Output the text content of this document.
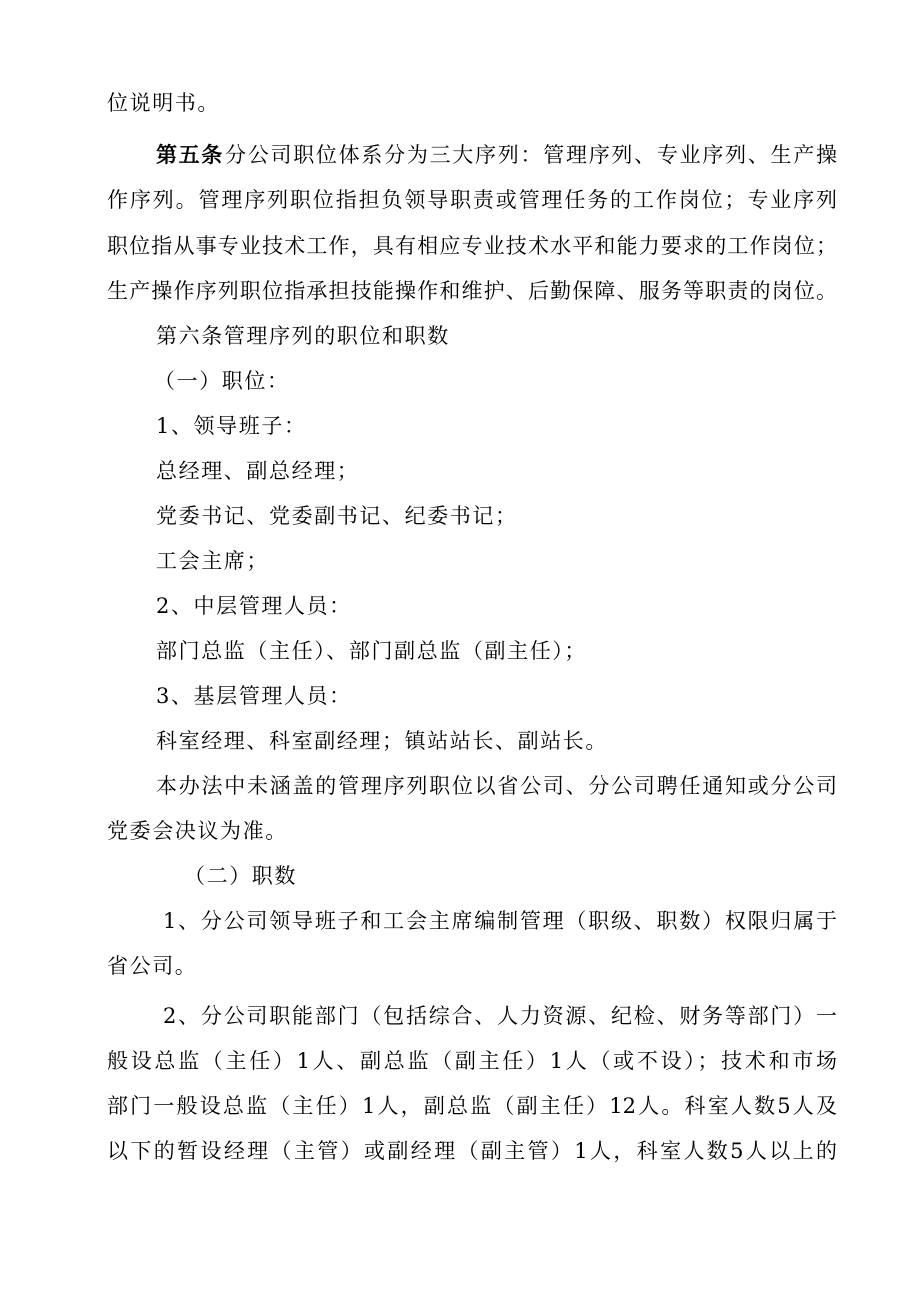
位说明书。
第五条 分公司职位体系分为三大序列：管理序列、专业序列、生产操
作序列。管理序列职位指担负领导职责或管理任务的工作岗位；专业序列
职位指从事专业技术工作，具有相应专业技术水平和能力要求的工作岗位；
生产操作序列职位指承担技能操作和维护、后勤保障、服务等职责的岗位。
第六条管理序列的职位和职数
（一）职位：
1、领导班子：
总经理、副总经理；
党委书记、党委副书记、纪委书记；
工会主席；
2、中层管理人员：
部门总监（主任）、部门副总监（副主任）；
3、基层管理人员：
科室经理、科室副经理；镇站站长、副站长。
本办法中未涵盖的管理序列职位以省公司、分公司聘任通知或分公司
党委会决议为准。
（二）职数
1、分公司领导班子和工会主席编制管理（职级、职数）权限归属于
省公司。
2、分公司职能部门（包括综合、人力资源、纪检、财务等部门）一
般设总监（主任）1人、副总监（副主任）1人（或不设）；技术和市场
部门一般设总监（主任）1人，副总监（副主任）12人。科室人数5人及
以下的暂设经理（主管）或副经理（副主管）1人，科室人数5人以上的
